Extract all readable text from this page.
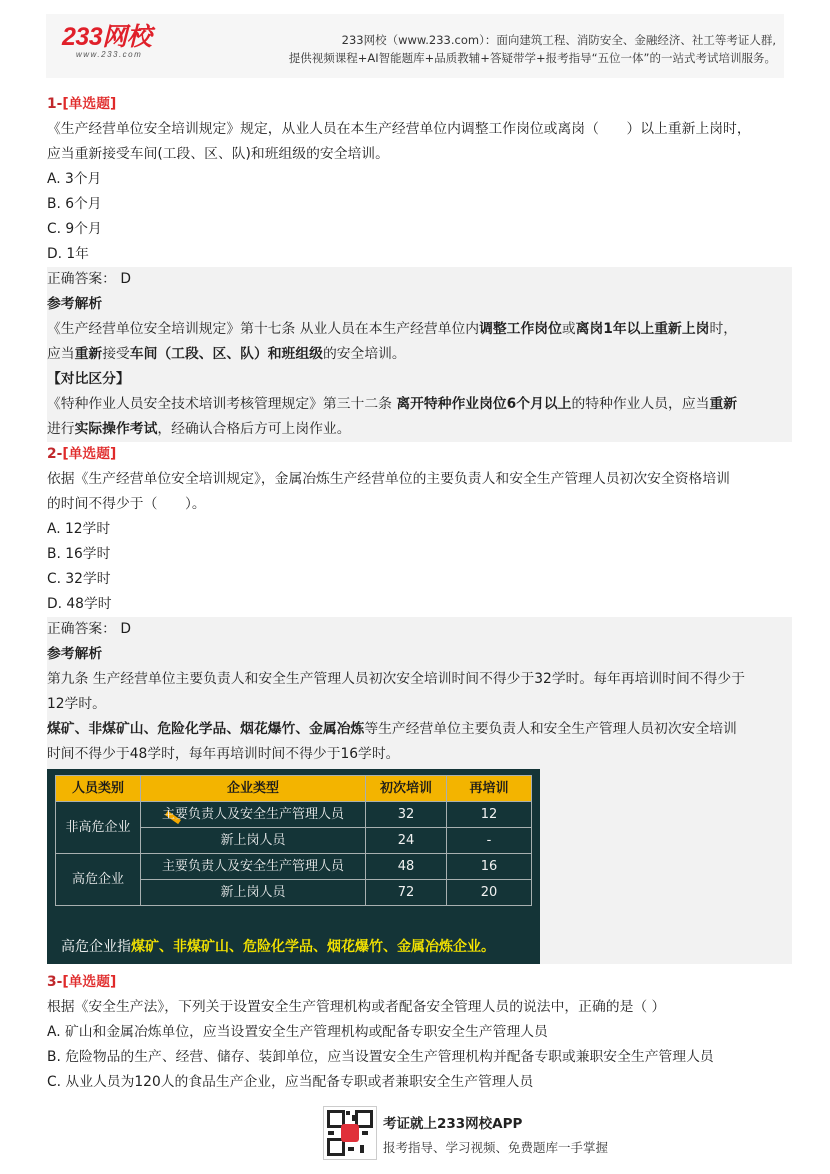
233网校
www.233.com
233网校（www.233.com）：面向建筑工程、消防安全、金融经济、社工等考证人群,
提供视频课程+AI智能题库+品质教辅+答疑带学+报考指导“五位一体”的一站式考试培训服务。
1-[单选题]
《生产经营单位安全培训规定》规定，从业人员在本生产经营单位内调整工作岗位或离岗（　　）以上重新上岗时，
应当重新接受车间(工段、区、队)和班组级的安全培训。
A. 3个月
B. 6个月
C. 9个月
D. 1年
正确答案： D
参考解析
《生产经营单位安全培训规定》第十七条 从业人员在本生产经营单位内调整工作岗位或离岗1年以上重新上岗时，
应当重新接受车间（工段、区、队）和班组级的安全培训。
【对比区分】
《特种作业人员安全技术培训考核管理规定》第三十二条 离开特种作业岗位6个月以上的特种作业人员，应当重新
进行实际操作考试，经确认合格后方可上岗作业。
2-[单选题]
依据《生产经营单位安全培训规定》，金属冶炼生产经营单位的主要负责人和安全生产管理人员初次安全资格培训
的时间不得少于（　　）。
A. 12学时
B. 16学时
C. 32学时
D. 48学时
正确答案： D
参考解析
第九条 生产经营单位主要负责人和安全生产管理人员初次安全培训时间不得少于32学时。每年再培训时间不得少于
12学时。
煤矿、非煤矿山、危险化学品、烟花爆竹、金属冶炼等生产经营单位主要负责人和安全生产管理人员初次安全培训
时间不得少于48学时，每年再培训时间不得少于16学时。
人员类别	企业类型	初次培训	再培训
非高危企业	主要负责人及安全生产管理人员	32	12
	新上岗人员	24	-
高危企业	主要负责人及安全生产管理人员	48	16
	新上岗人员	72	20
高危企业指煤矿、非煤矿山、危险化学品、烟花爆竹、金属冶炼企业。
3-[单选题]
根据《安全生产法》，下列关于设置安全生产管理机构或者配备安全管理人员的说法中，正确的是（ ）
A. 矿山和金属冶炼单位，应当设置安全生产管理机构或配备专职安全生产管理人员
B. 危险物品的生产、经营、储存、装卸单位，应当设置安全生产管理机构并配备专职或兼职安全生产管理人员
C. 从业人员为120人的食品生产企业，应当配备专职或者兼职安全生产管理人员
考证就上233网校APP
报考指导、学习视频、免费题库一手掌握
